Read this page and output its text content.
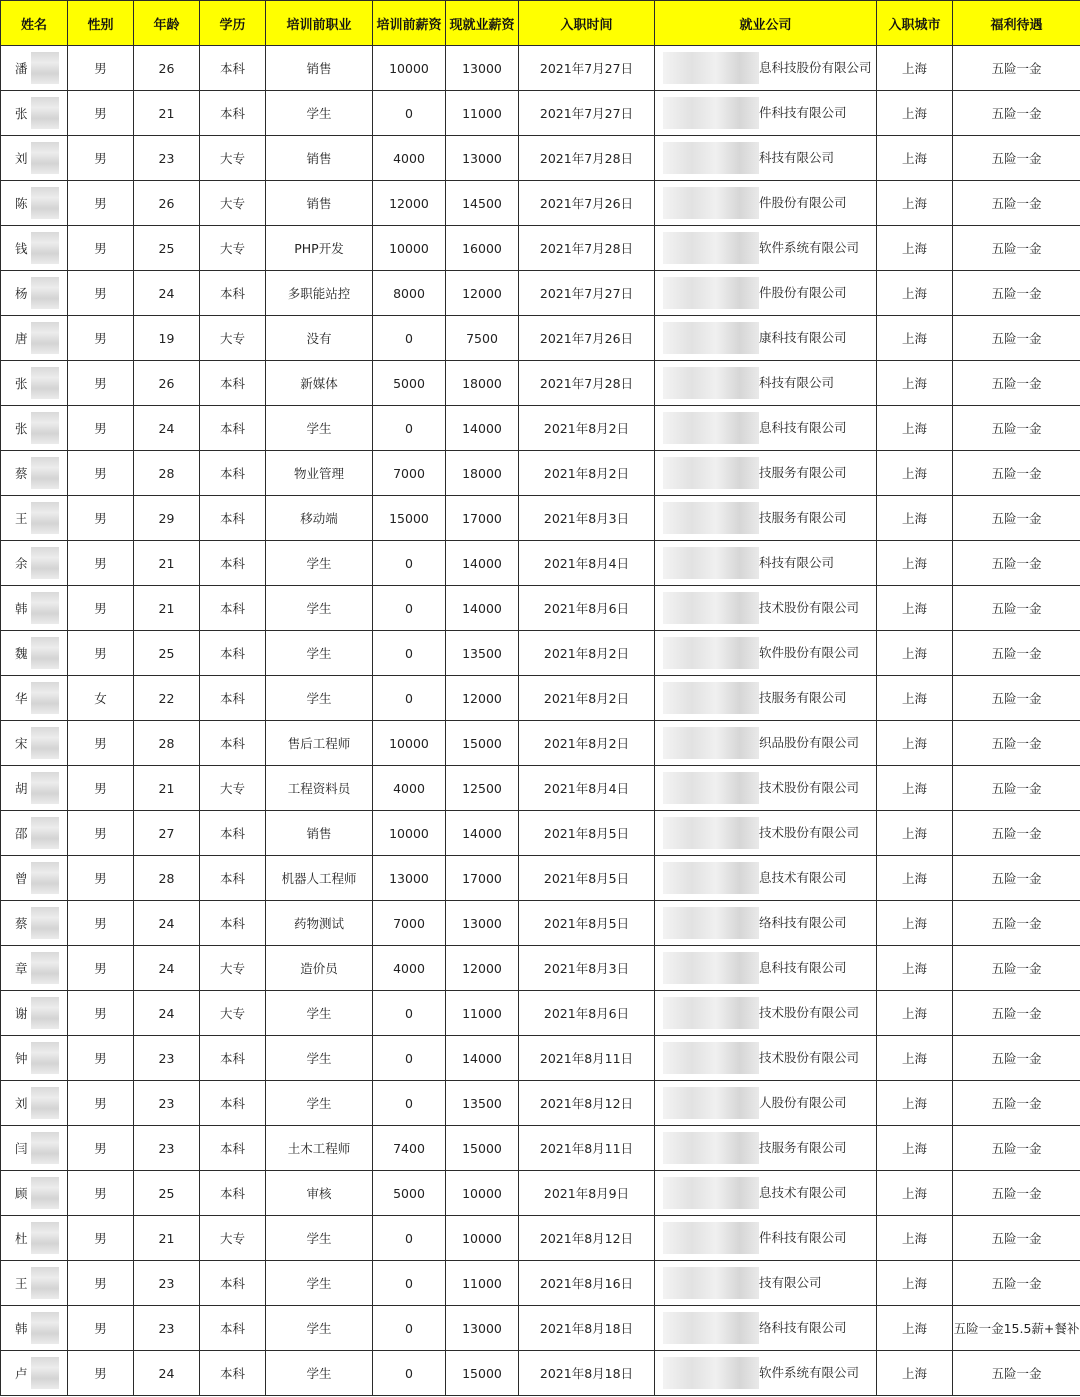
姓名	性别	年龄	学历	培训前职业	培训前薪资	现就业薪资	入职时间	就业公司	入职城市	福利待遇
潘	男	26	本科	销售	10000	13000	2021年7月27日	息科技股份有限公司	上海	五险一金
张	男	21	本科	学生	0	11000	2021年7月27日	件科技有限公司	上海	五险一金
刘	男	23	大专	销售	4000	13000	2021年7月28日	科技有限公司	上海	五险一金
陈	男	26	大专	销售	12000	14500	2021年7月26日	件股份有限公司	上海	五险一金
钱	男	25	大专	PHP开发	10000	16000	2021年7月28日	软件系统有限公司	上海	五险一金
杨	男	24	本科	多职能站控	8000	12000	2021年7月27日	件股份有限公司	上海	五险一金
唐	男	19	大专	没有	0	7500	2021年7月26日	康科技有限公司	上海	五险一金
张	男	26	本科	新媒体	5000	18000	2021年7月28日	科技有限公司	上海	五险一金
张	男	24	本科	学生	0	14000	2021年8月2日	息科技有限公司	上海	五险一金
蔡	男	28	本科	物业管理	7000	18000	2021年8月2日	技服务有限公司	上海	五险一金
王	男	29	本科	移动端	15000	17000	2021年8月3日	技服务有限公司	上海	五险一金
余	男	21	本科	学生	0	14000	2021年8月4日	科技有限公司	上海	五险一金
韩	男	21	本科	学生	0	14000	2021年8月6日	技术股份有限公司	上海	五险一金
魏	男	25	本科	学生	0	13500	2021年8月2日	软件股份有限公司	上海	五险一金
华	女	22	本科	学生	0	12000	2021年8月2日	技服务有限公司	上海	五险一金
宋	男	28	本科	售后工程师	10000	15000	2021年8月2日	织品股份有限公司	上海	五险一金
胡	男	21	大专	工程资料员	4000	12500	2021年8月4日	技术股份有限公司	上海	五险一金
邵	男	27	本科	销售	10000	14000	2021年8月5日	技术股份有限公司	上海	五险一金
曾	男	28	本科	机器人工程师	13000	17000	2021年8月5日	息技术有限公司	上海	五险一金
蔡	男	24	本科	药物测试	7000	13000	2021年8月5日	络科技有限公司	上海	五险一金
章	男	24	大专	造价员	4000	12000	2021年8月3日	息科技有限公司	上海	五险一金
谢	男	24	大专	学生	0	11000	2021年8月6日	技术股份有限公司	上海	五险一金
钟	男	23	本科	学生	0	14000	2021年8月11日	技术股份有限公司	上海	五险一金
刘	男	23	本科	学生	0	13500	2021年8月12日	人股份有限公司	上海	五险一金
闫	男	23	本科	土木工程师	7400	15000	2021年8月11日	技服务有限公司	上海	五险一金
顾	男	25	本科	审核	5000	10000	2021年8月9日	息技术有限公司	上海	五险一金
杜	男	21	大专	学生	0	10000	2021年8月12日	件科技有限公司	上海	五险一金
王	男	23	本科	学生	0	11000	2021年8月16日	技有限公司	上海	五险一金
韩	男	23	本科	学生	0	13000	2021年8月18日	络科技有限公司	上海	五险一金15.5薪+餐补
卢	男	24	本科	学生	0	15000	2021年8月18日	软件系统有限公司	上海	五险一金
